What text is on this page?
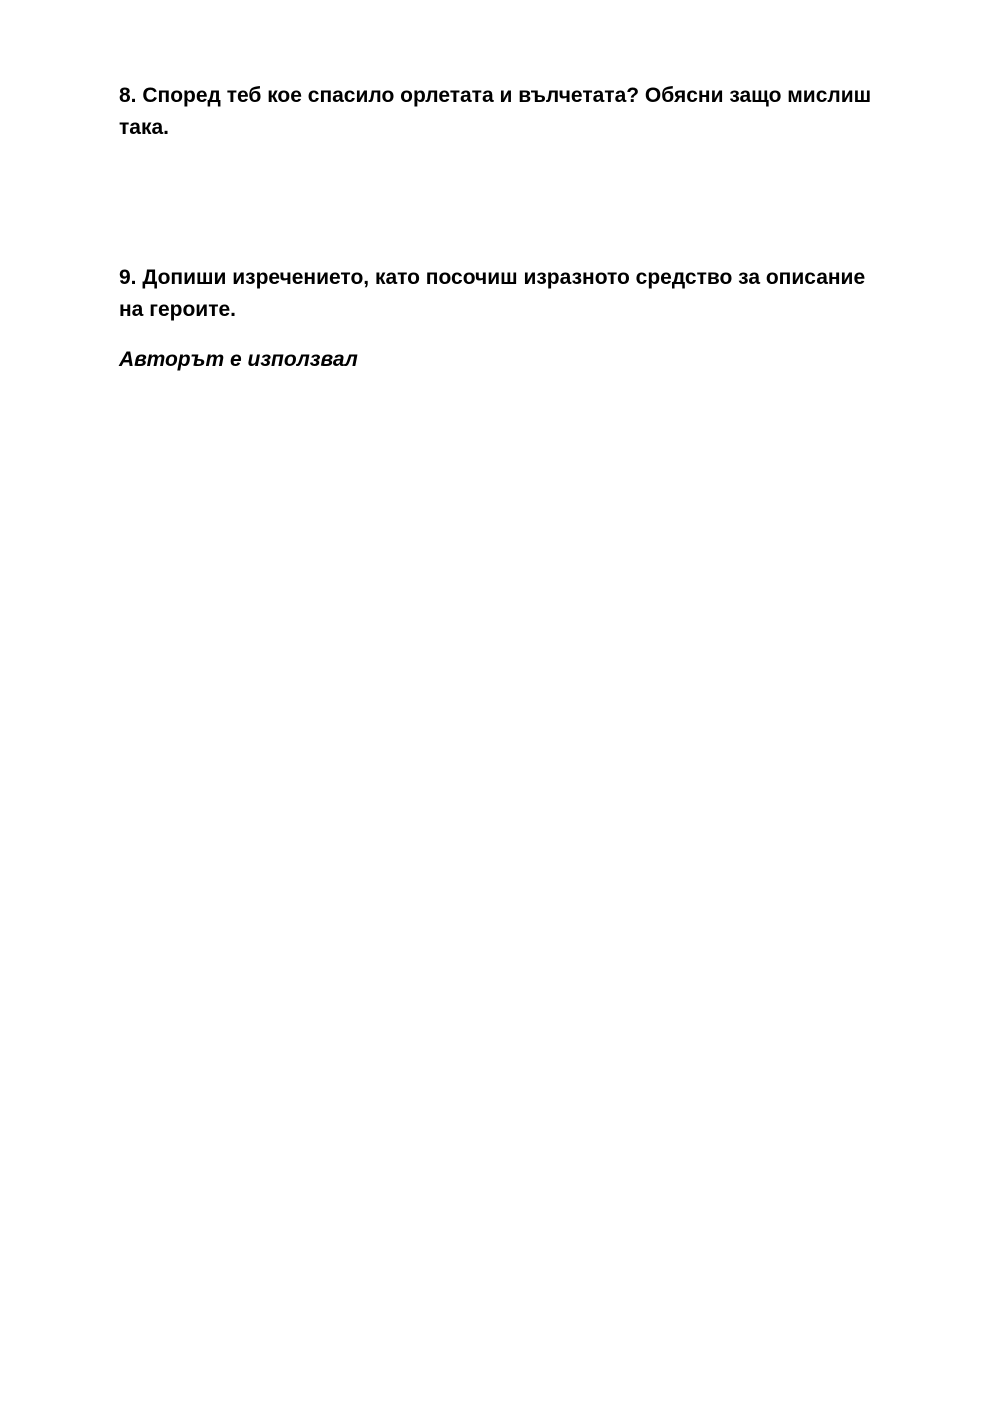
8. Според теб кое спасило орлетата и вълчетата? Обясни защо мислиш
така.

9. Допиши изречението, като посочиш изразното средство за описание
на героите.

Авторът е използвал
